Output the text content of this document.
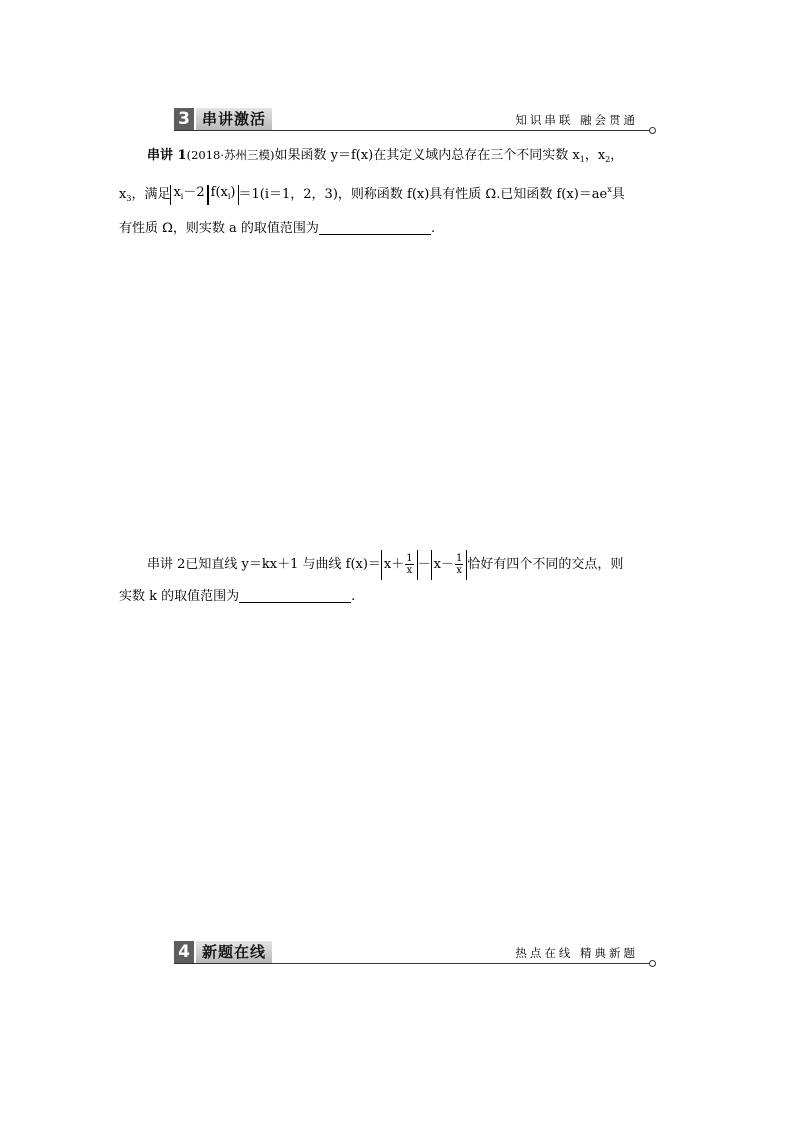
3 串讲激活	知识串联 融会贯通

串讲 1(2018·苏州三模)如果函数 y＝f(x)在其定义域内总存在三个不同实数 $x_1$，$x_2$，

$x_3$，满足 $x_i-2$ $f(x_i) =1(i=1$，2，3)，则称函数 f(x)具有性质 Ω.已知函数 $f(x)=ae^x$具

有性质 Ω，则实数 a 的取值范围为	.

串讲 2已知直线 y＝kx＋1 与曲线 $f(x)= x+ \frac{1}{x} - x- \frac{1}{x}$ 恰好有四个不同的交点，则

实数 k 的取值范围为	.

4 新题在线	热点在线 精典新题
